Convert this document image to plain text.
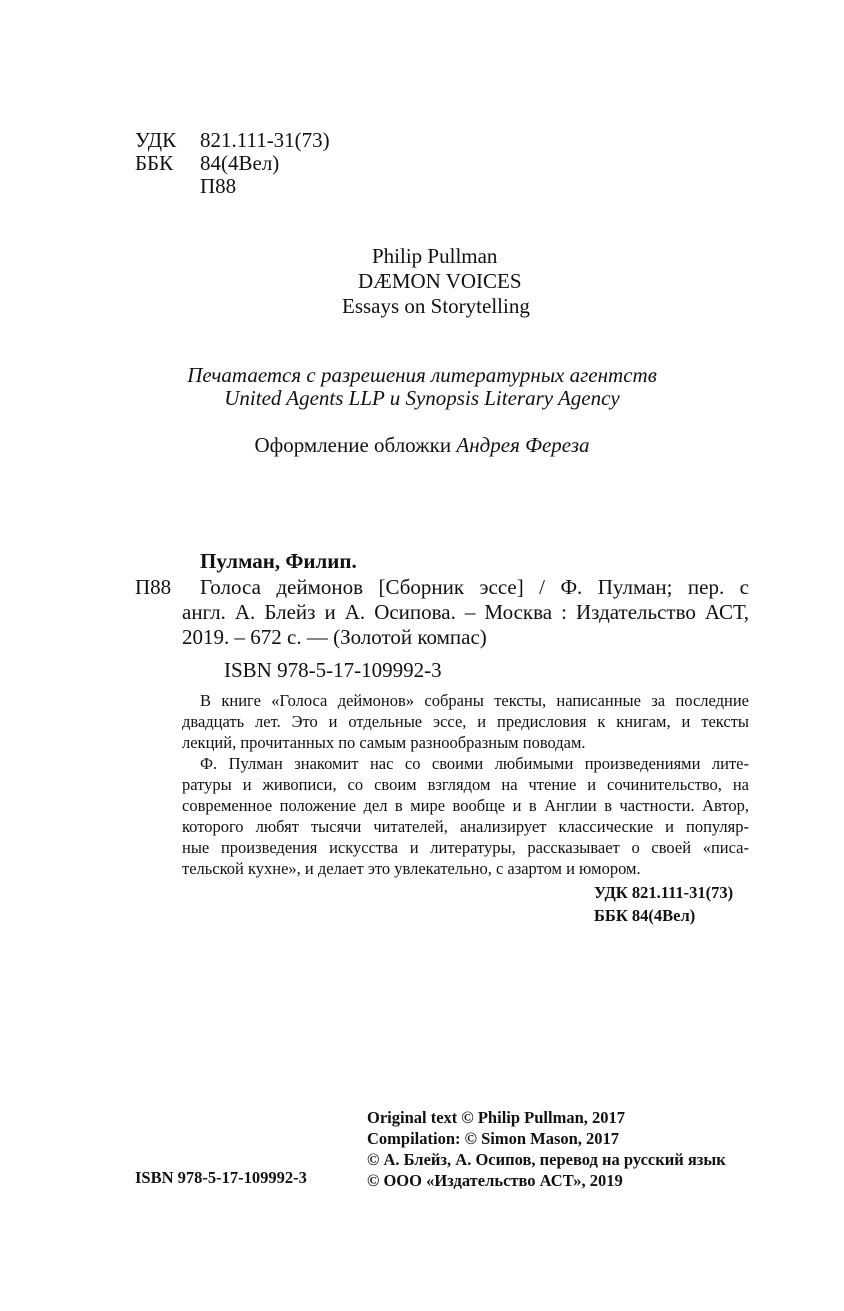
УДК 821.111-31(73)
ББК 84(4Вел)
П88
Philip Pullman
DÆMON VOICES
Essays on Storytelling
Печатается с разрешения литературных агентств
United Agents LLP и Synopsis Literary Agency
Оформление обложки Андрея Фереза
Пулман, Филип.
П88 Голоса деймонов [Сборник эссе] / Ф. Пулман; пер. с
англ. А. Блейз и А. Осипова. – Москва : Издательство АСТ,
2019. – 672 с. — (Золотой компас)
ISBN 978-5-17-109992-3
В книге «Голоса деймонов» собраны тексты, написанные за последние
двадцать лет. Это и отдельные эссе, и предисловия к книгам, и тексты
лекций, прочитанных по самым разнообразным поводам.
Ф. Пулман знакомит нас со своими любимыми произведениями лите-
ратуры и живописи, со своим взглядом на чтение и сочинительство, на
современное положение дел в мире вообще и в Англии в частности. Автор,
которого любят тысячи читателей, анализирует классические и популяр-
ные произведения искусства и литературы, рассказывает о своей «писа-
тельской кухне», и делает это увлекательно, с азартом и юмором.
УДК 821.111-31(73)
ББК 84(4Вел)
ISBN 978-5-17-109992-3
Original text © Philip Pullman, 2017
Compilation: © Simon Mason, 2017
© А. Блейз, А. Осипов, перевод на русский язык
© ООО «Издательство АСТ», 2019
